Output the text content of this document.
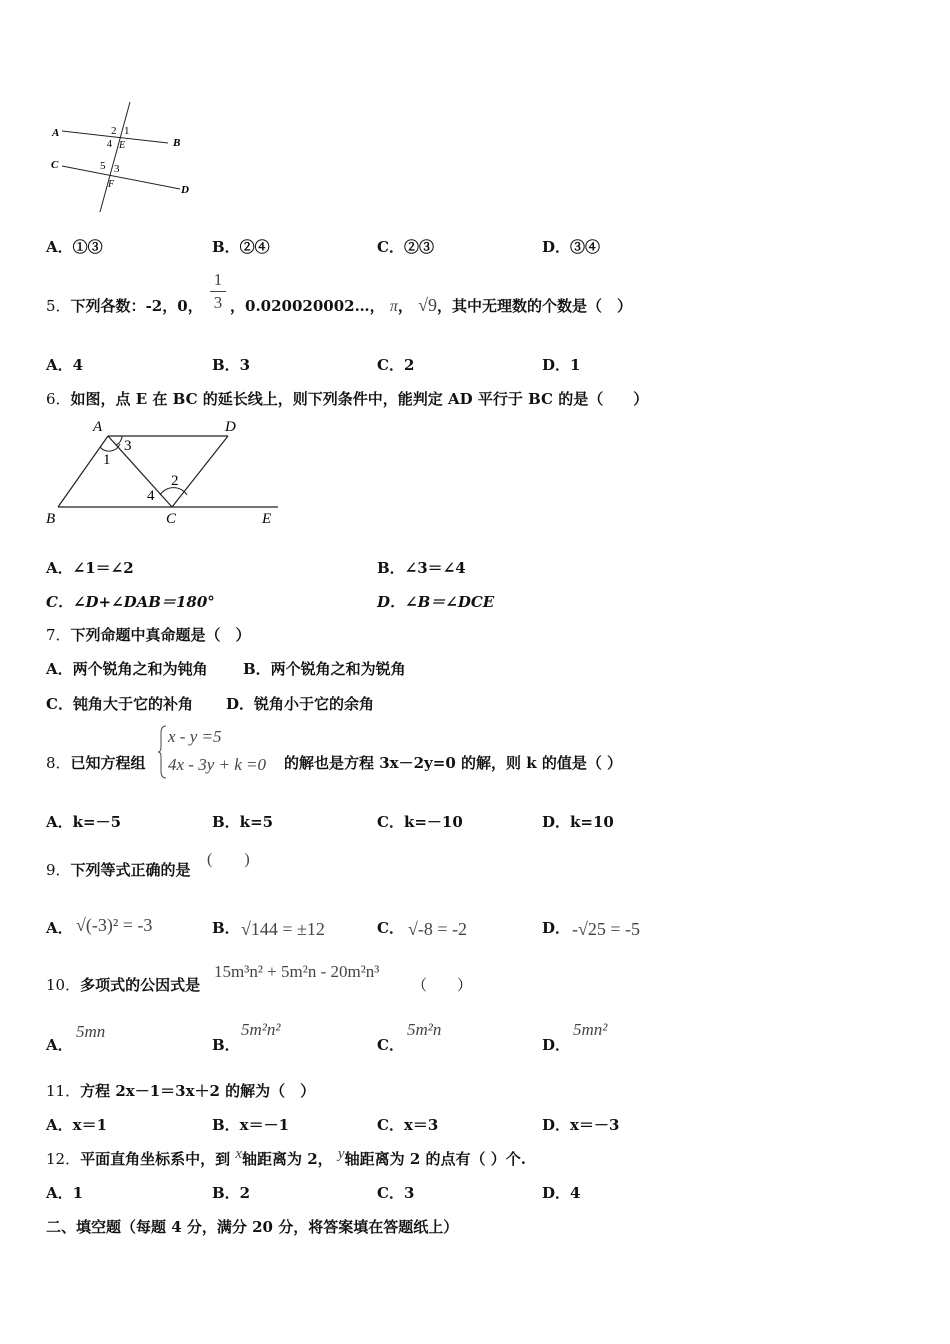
A
B
C
D
2 1
4 E
5 3
F
A．①③	B．②④	C．②③	D．③④
5．下列各数：-2，0，
1
3 ，0.020020002…， π， √9，其中无理数的个数是（　）
A．4	B．3	C．2	D．1
6．如图，点 E 在 BC 的延长线上，则下列条件中，能判定 AD 平行于 BC 的是（　　）
A	D
3
1
2
4
B	C	E
A．∠1＝∠2	B．∠3＝∠4
C．∠D+∠DAB＝180°	D．∠B＝∠DCE
7．下列命题中真命题是（　）
A．两个锐角之和为钝角 B．两个锐角之和为锐角
C．钝角大于它的补角 D．锐角小于它的余角
8．已知方程组
x - y =5
4x - 3y + k =0 的解也是方程 3x－2y=0 的解，则 k 的值是（ ）
A．k=－5	B．k=5	C．k=－10	D．k=10
9．下列等式正确的是
(　　)
A． √(-3)² = -3	B． √144 = ±12	C． √-8 = -2	D． -√25 = -5
10．多项式的公因式是
15m³n² + 5m²n - 20m²n³
（　　）
A．
5mn
B．
5m²n²
C．
5m²n
D．
5mn²
11．方程 2x－1＝3x＋2 的解为（　）
A．x＝1	B．x＝－1	C．x＝3	D．x＝－3
12．平面直角坐标系中，到 x轴距离为 2， y轴距离为 2 的点有（ ）个.
A．1	B．2	C．3	D．4
二、填空题（每题 4 分，满分 20 分，将答案填在答题纸上）
